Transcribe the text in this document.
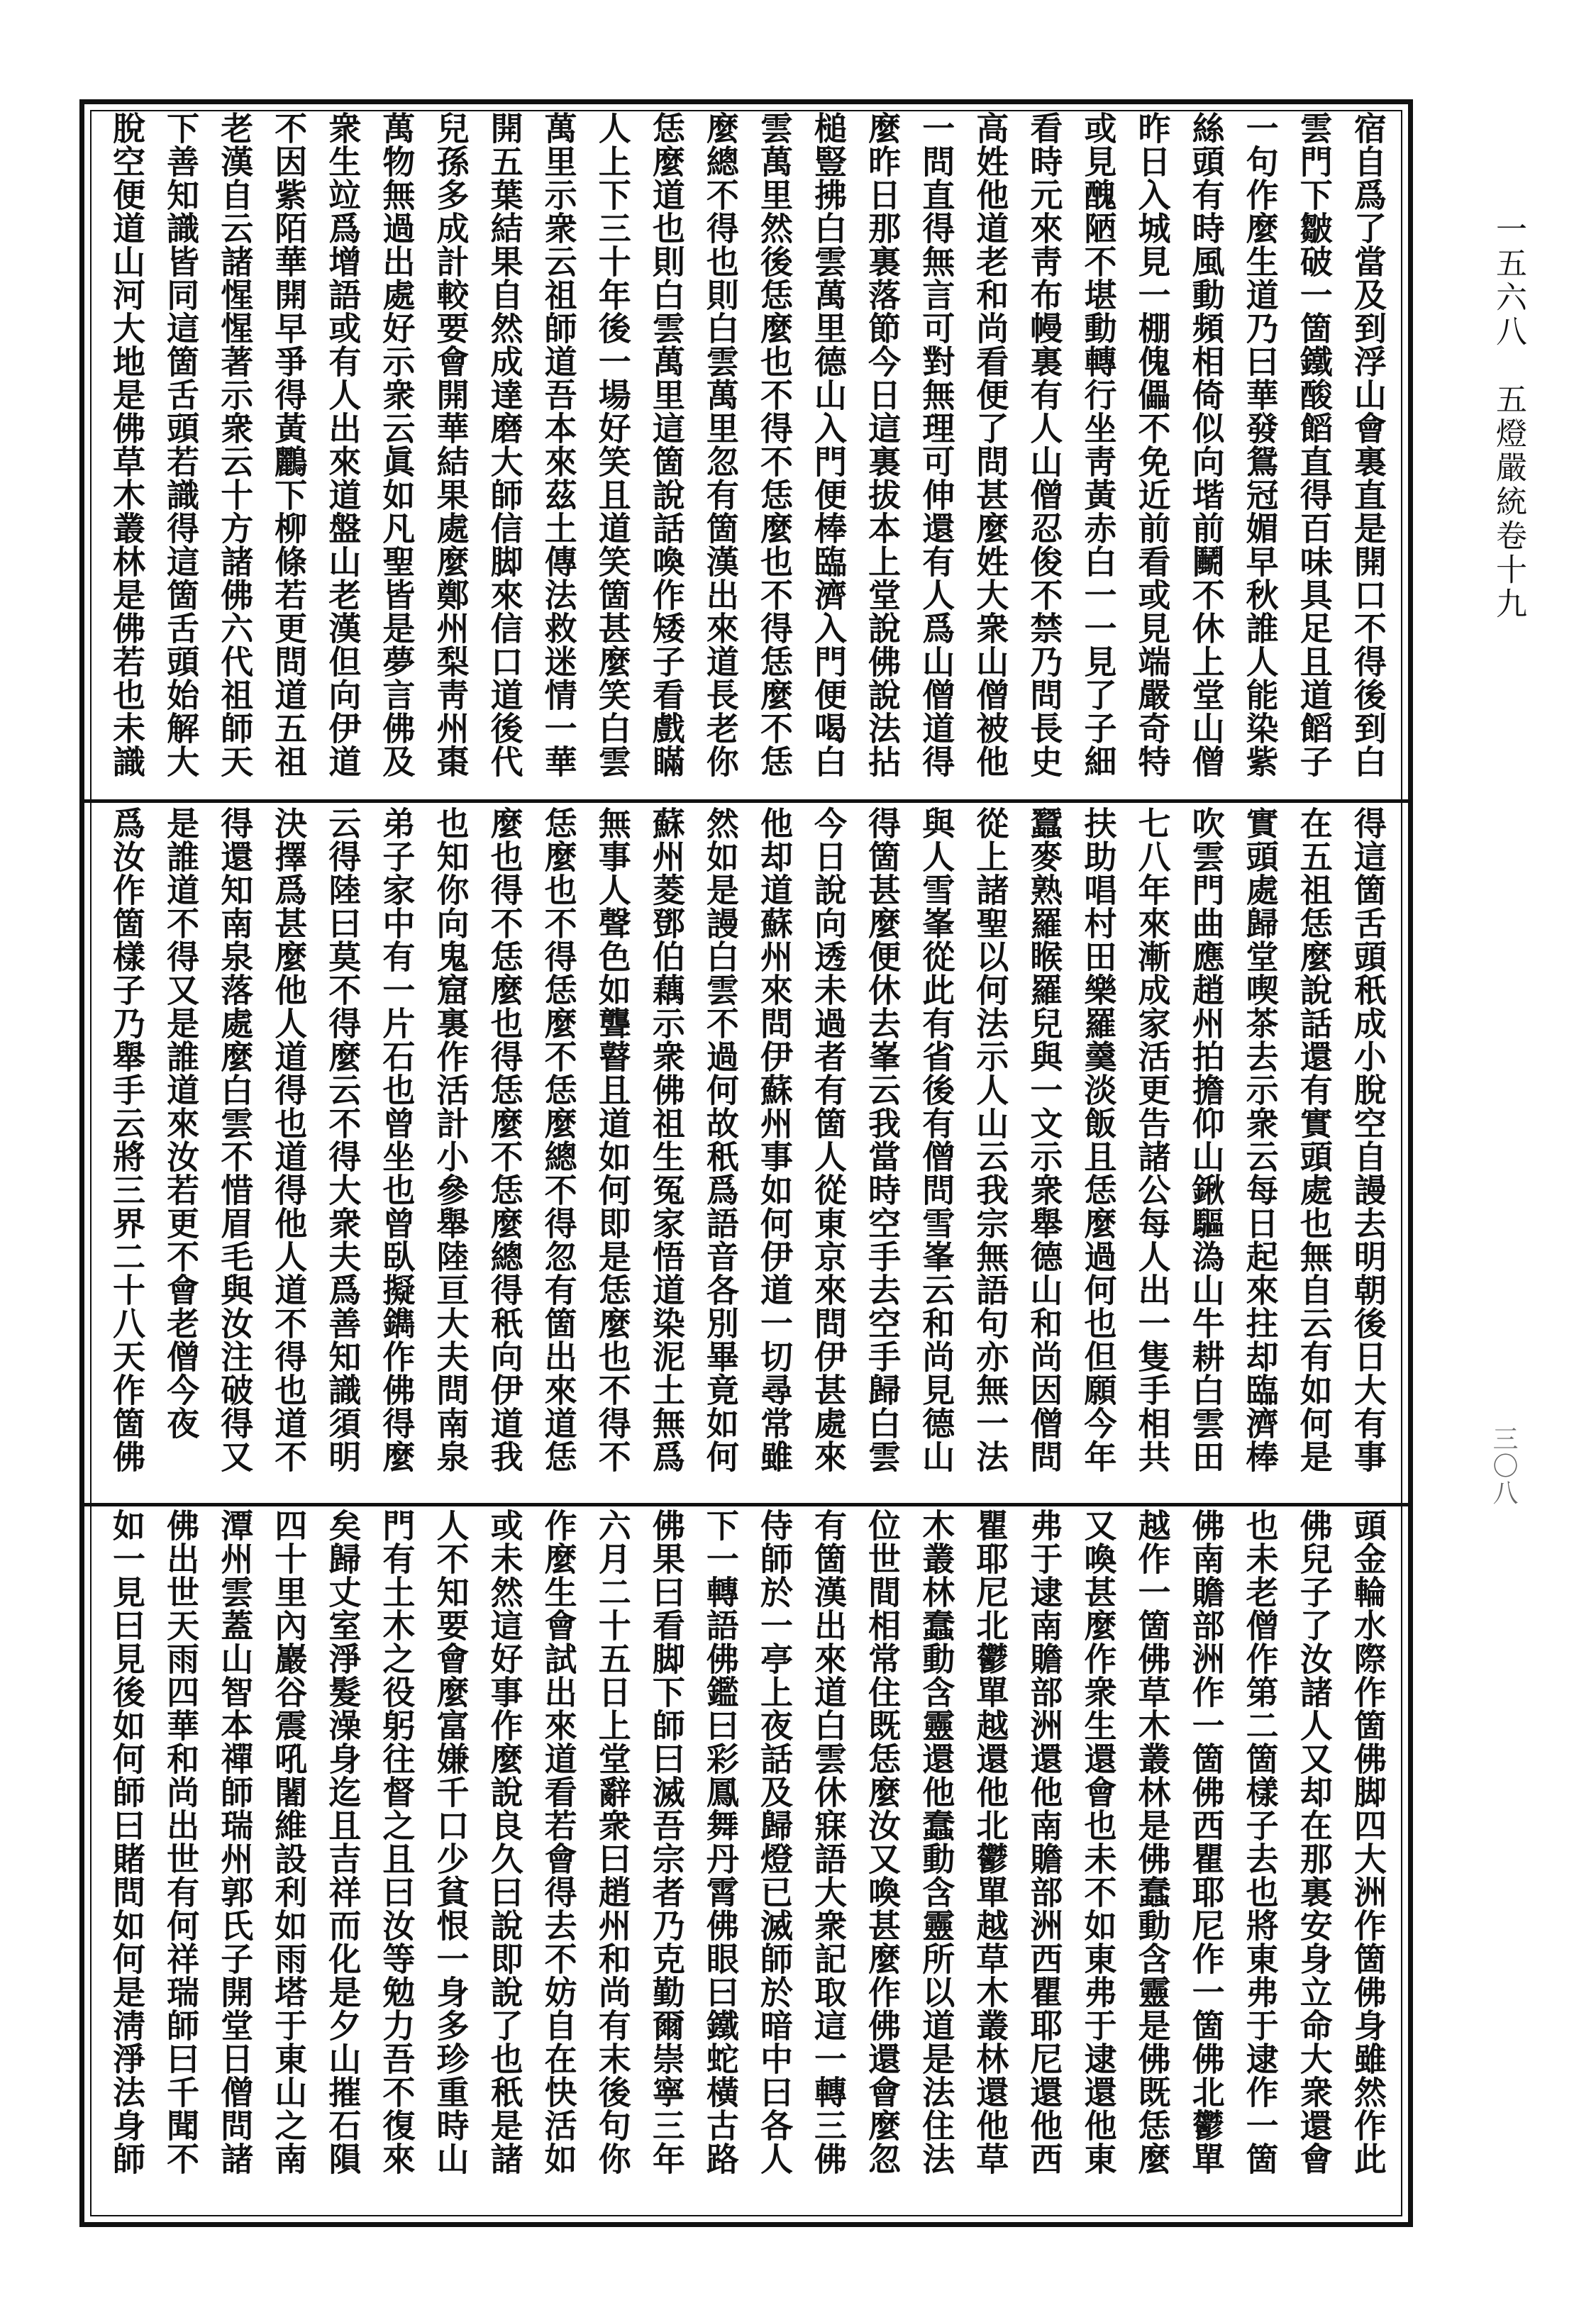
宿自爲了當及到浮山會裏直是開口不得後到白
雲門下皺破一箇鐵酸饀直得百味具足且道饀子
一句作麼生道乃曰華發鴛冠媚早秋誰人能染紫
絲頭有時風動頻相倚似向堦前鬭不休上堂山僧
昨日入城見一棚傀儡不免近前看或見端嚴奇特
或見醜陋不堪動轉行坐靑黃赤白一一見了子細
看時元來靑布幔裏有人山僧忍俊不禁乃問長史
高姓他道老和尚看便了問甚麼姓大衆山僧被他
一問直得無言可對無理可伸還有人爲山僧道得
麼昨日那裏落節今日這裏拔本上堂說佛說法拈
槌豎拂白雲萬里德山入門便棒臨濟入門便喝白
雲萬里然後恁麼也不得不恁麼也不得恁麼不恁
麼總不得也則白雲萬里忽有箇漢出來道長老你
恁麼道也則白雲萬里這箇說話喚作矮子看戲瞞
人上下三十年後一場好笑且道笑箇甚麼笑白雲
萬里示衆云祖師道吾本來茲土傳法救迷情一華
開五葉結果自然成達磨大師信脚來信口道後代
兒孫多成計較要會開華結果處麼鄭州梨靑州棗
萬物無過出處好示衆云眞如凡聖皆是夢言佛及
衆生竝爲增語或有人出來道盤山老漢但向伊道
不因紫陌華開早爭得黃鸝下柳條若更問道五祖
老漢自云諸惺惺著示衆云十方諸佛六代祖師天
下善知識皆同這箇舌頭若識得這箇舌頭始解大
脫空便道山河大地是佛草木叢林是佛若也未識
得這箇舌頭秖成小脫空自謾去明朝後日大有事
在五祖恁麼說話還有實頭處也無自云有如何是
實頭處歸堂喫茶去示衆云每日起來拄却臨濟棒
吹雲門曲應趙州拍擔仰山鍬驅溈山牛耕白雲田
七八年來漸成家活更告諸公每人出一隻手相共
扶助唱村田樂羅羹淡飯且恁麼過何也但願今年
蠶麥熟羅睺羅兒與一文示衆舉德山和尚因僧問
從上諸聖以何法示人山云我宗無語句亦無一法
與人雪峯從此有省後有僧問雪峯云和尚見德山
得箇甚麼便休去峯云我當時空手去空手歸白雲
今日說向透未過者有箇人從東京來問伊甚處來
他却道蘇州來問伊蘇州事如何伊道一切尋常雖
然如是謾白雲不過何故秖爲語音各別畢竟如何
蘇州菱鄧伯藕示衆佛祖生冤家悟道染泥土無爲
無事人聲色如聾瞽且道如何即是恁麼也不得不
恁麼也不得恁麼不恁麼總不得忽有箇出來道恁
麼也得不恁麼也得恁麼不恁麼總得秖向伊道我
也知你向鬼窟裏作活計小參舉陸亘大夫問南泉
弟子家中有一片石也曾坐也曾臥擬鐫作佛得麼
云得陸曰莫不得麼云不得大衆夫爲善知識須明
決擇爲甚麼他人道得也道得他人道不得也道不
得還知南泉落處麼白雲不惜眉毛與汝注破得又
是誰道不得又是誰道來汝若更不會老僧今夜
爲汝作箇樣子乃舉手云將三界二十八天作箇佛
頭金輪水際作箇佛脚四大洲作箇佛身雖然作此
佛兒子了汝諸人又却在那裏安身立命大衆還會
也未老僧作第二箇樣子去也將東弗于逮作一箇
佛南贍部洲作一箇佛西瞿耶尼作一箇佛北鬱單
越作一箇佛草木叢林是佛蠢動含靈是佛既恁麼
又喚甚麼作衆生還會也未不如東弗于逮還他東
弗于逮南贍部洲還他南贍部洲西瞿耶尼還他西
瞿耶尼北鬱單越還他北鬱單越草木叢林還他草
木叢林蠢動含靈還他蠢動含靈所以道是法住法
位世間相常住既恁麼汝又喚甚麼作佛還會麼忽
有箇漢出來道白雲休寐語大衆記取這一轉三佛
侍師於一亭上夜話及歸燈已滅師於暗中曰各人
下一轉語佛鑑曰彩鳳舞丹霄佛眼曰鐵蛇橫古路
佛果曰看脚下師曰滅吾宗者乃克勤爾崇寧三年
六月二十五日上堂辭衆曰趙州和尚有末後句你
作麼生會試出來道看若會得去不妨自在快活如
或未然這好事作麼說良久曰說即說了也秖是諸
人不知要會麼富嫌千口少貧恨一身多珍重時山
門有土木之役躬往督之且曰汝等勉力吾不復來
矣歸丈室淨髮澡身迄且吉祥而化是夕山摧石隕
四十里內巖谷震吼闍維設利如雨塔于東山之南
潭州雲蓋山智本禪師瑞州郭氏子開堂日僧問諸
佛出世天雨四華和尚出世有何祥瑞師曰千聞不
如一見曰見後如何師曰賭問如何是淸淨法身師
一五六八　五燈嚴統卷十九
三〇八
